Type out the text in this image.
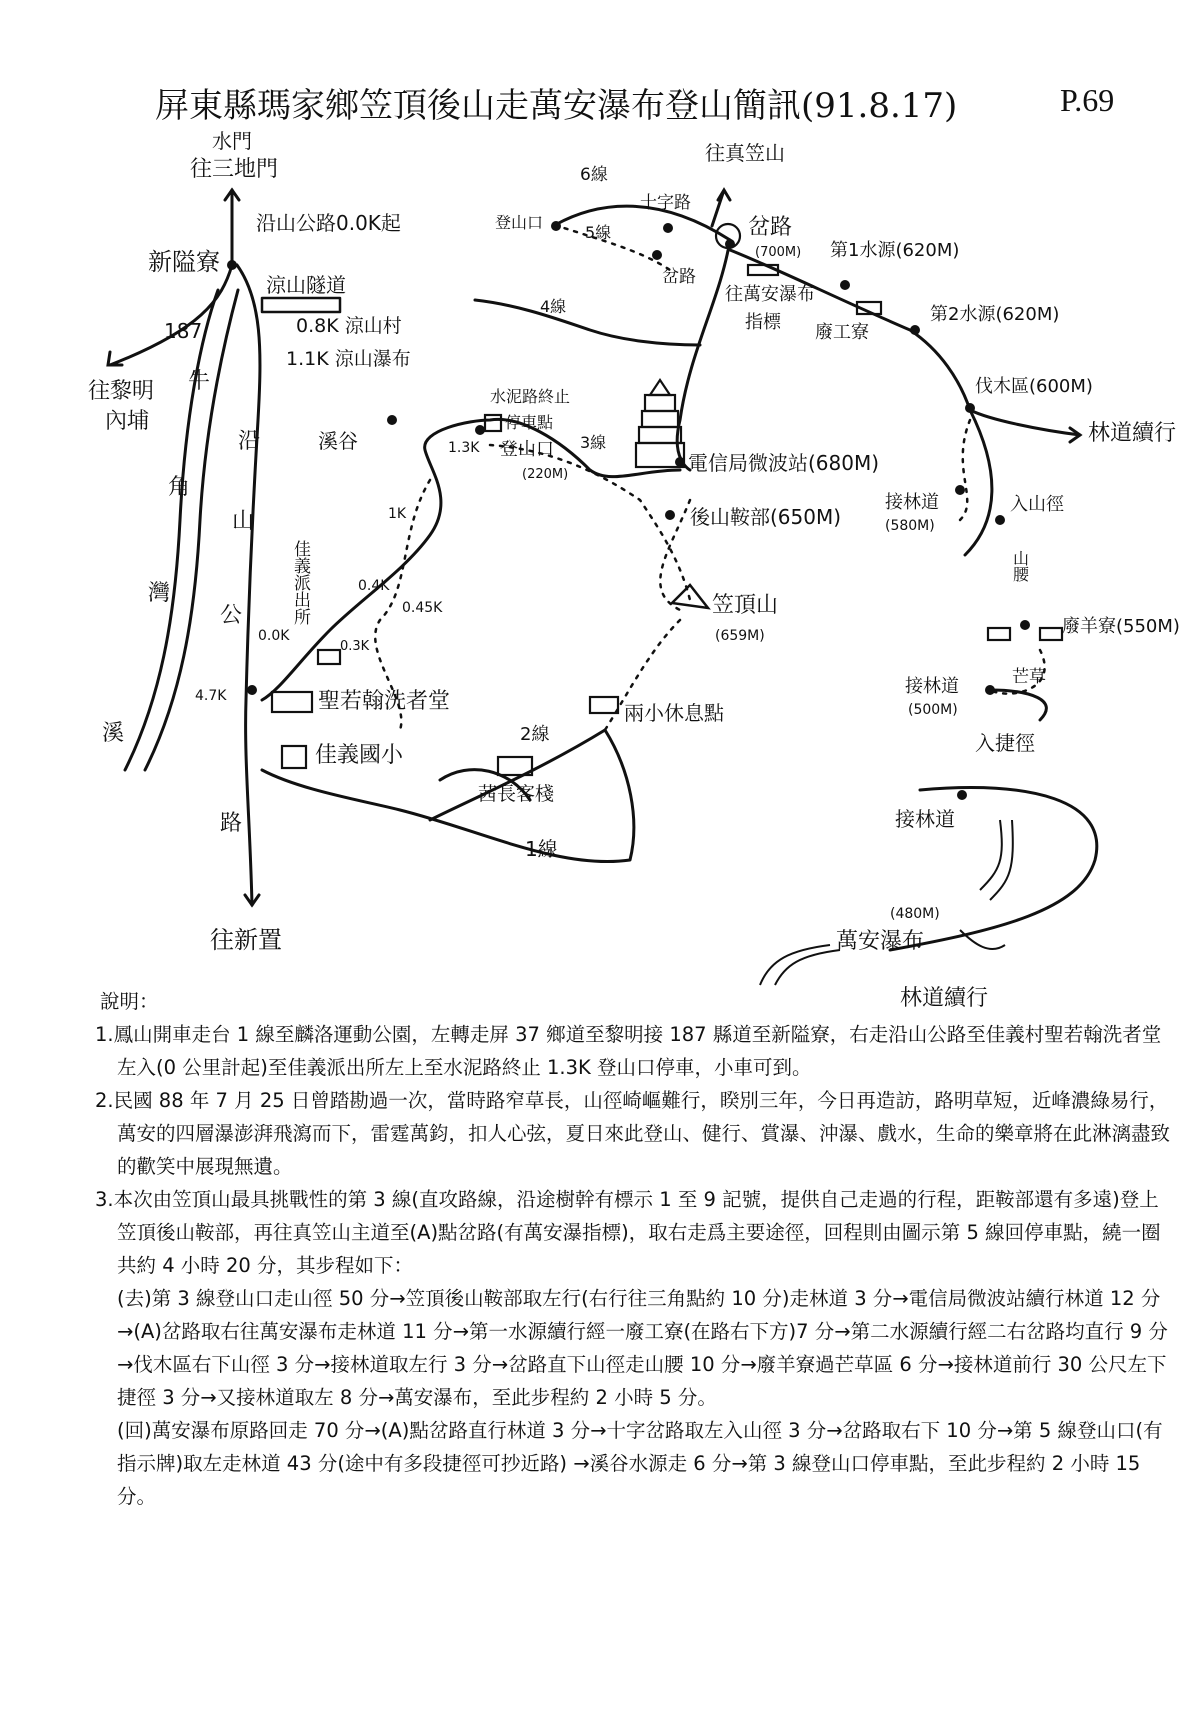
屏東縣瑪家鄉笠頂後山走萬安瀑布登山簡訊(91.8.17)	P.69
水門
往三地門
新隘寮
187
往黎明
內埔
牛
角
灣
溪
沿
山
公
路
沿山公路0.0K起
涼山隧道
0.8K 涼山村
1.1K 涼山瀑布
溪谷
水泥路終止
停車點
1.3K 登山口
(220M)
1K
0.4K
0.45K
0.3K
佳義派出所
0.0K
4.7K	聖若翰洗者堂
佳義國小
往新置
1線
2線
3線
4線
5線
6線
登山口
十字路
岔路
往真笠山
岔路
(700M)
往萬安瀑布
指標
第1水源(620M)
廢工寮
第2水源(620M)
伐木區(600M)
林道續行
電信局微波站(680M)
後山鞍部(650M)
接林道
(580M)
入山徑
山腰
笠頂山
(659M)	廢羊寮(550M)
芒草
接林道
(500M)
兩小休息點
入捷徑
茜長客棧
接林道
(480M)
萬安瀑布
林道續行
說明：
1.鳳山開車走台 1 線至麟洛運動公園，左轉走屏 37 鄉道至黎明接 187 縣道至新隘寮，右走沿山公路至佳義村聖若翰洗者堂左入(0 公里計起)至佳義派出所左上至水泥路終止 1.3K 登山口停車，小車可到。
2.民國 88 年 7 月 25 日曾踏勘過一次，當時路窄草長，山徑崎嶇難行，睽別三年，今日再造訪，路明草短，近峰濃綠易行，萬安的四層瀑澎湃飛瀉而下，雷霆萬鈞，扣人心弦，夏日來此登山、健行、賞瀑、沖瀑、戲水，生命的樂章將在此淋漓盡致的歡笑中展現無遺。
3.本次由笠頂山最具挑戰性的第 3 線(直攻路線，沿途樹幹有標示 1 至 9 記號，提供自己走過的行程，距鞍部還有多遠)登上笠頂後山鞍部，再往真笠山主道至(A)點岔路(有萬安瀑指標)，取右走爲主要途徑，回程則由圖示第 5 線回停車點，繞一圈共約 4 小時 20 分，其步程如下：

(去)第 3 線登山口走山徑 50 分→笠頂後山鞍部取左行(右行往三角點約 10 分)走林道 3 分→電信局微波站續行林道 12 分→(A)岔路取右往萬安瀑布走林道 11 分→第一水源續行經一廢工寮(在路右下方)7 分→第二水源續行經二右岔路均直行 9 分→伐木區右下山徑 3 分→接林道取左行 3 分→岔路直下山徑走山腰 10 分→廢羊寮過芒草區 6 分→接林道前行 30 公尺左下捷徑 3 分→又接林道取左 8 分→萬安瀑布，至此步程約 2 小時 5 分。

(回)萬安瀑布原路回走 70 分→(A)點岔路直行林道 3 分→十字岔路取左入山徑 3 分→岔路取右下 10 分→第 5 線登山口(有指示牌)取左走林道 43 分(途中有多段捷徑可抄近路) →溪谷水源走 6 分→第 3 線登山口停車點，至此步程約 2 小時 15 分。
